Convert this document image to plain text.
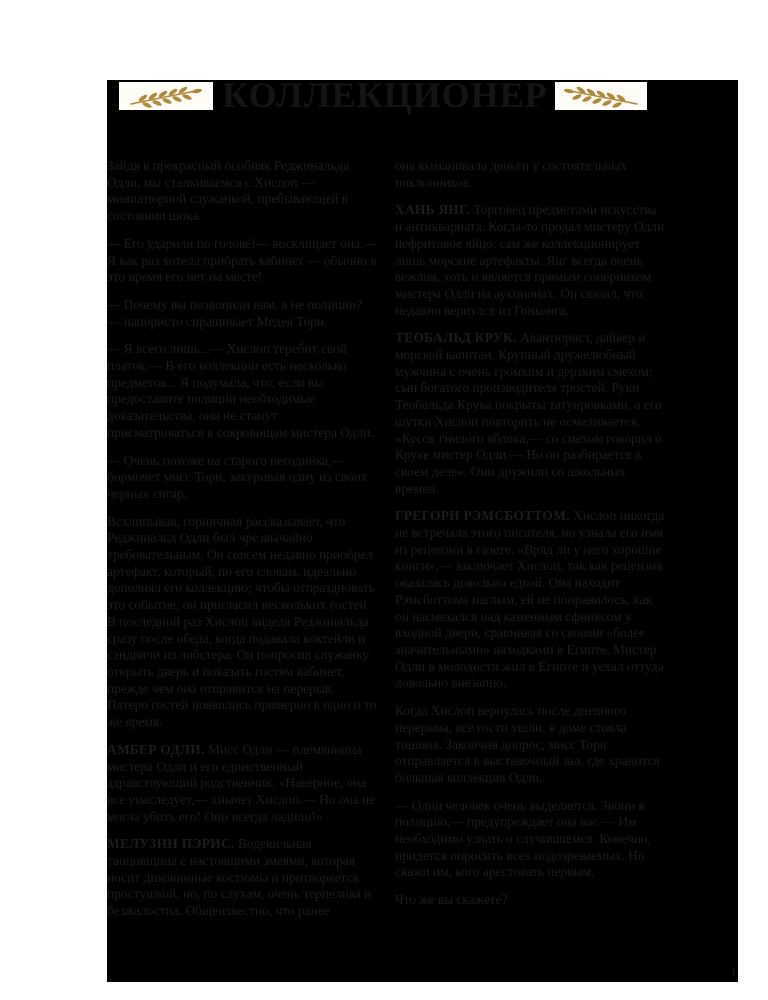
КОЛЛЕКЦИОНЕР

Зайдя в прекрасный особняк Реджинальда Одли, мы сталкиваемся с Хислоп — миниатюрной служанкой, пребывающей в состоянии шока.

— Его ударили по голове!— восклицает она.— Я как раз хотела прибрать кабинет — обычно в это время его нет на месте!

— Почему вы позвонили нам, а не полиции? — напористо спрашивает Медея Торн.

— Я всего лишь...— Хислоп теребит свой платок.— В его коллекции есть несколько предметов... Я подумала, что, если вы предоставите полиции необходимые доказательства, они не станут присматриваться к сокровищам мистера Одли.

— Очень похоже на старого негодника,— бормочет мисс Торн, закуривая одну из своих черных сигар.

Всхлипывая, горничная рассказывает, что Реджинальд Одли был чрезвычайно требовательным. Он совсем недавно приобрел артефакт, который, по его словам, идеально дополнял его коллекцию; чтобы отпраздновать это событие, он пригласил нескольких гостей. В последний раз Хислоп видела Реджинальда сразу после обеда, когда подавала коктейли и сэндвичи из лобстера. Он попросил служанку открыть дверь и показать гостям кабинет, прежде чем она отправится на перерыв. Пятеро гостей появились примерно в одно и то же время.

АМБЕР ОДЛИ. Мисс Одли — племянница мистера Одли и его единственный здравствующий родственник. «Наверное, она все унаследует,— хнычет Хислоп.— Но она не могла убить его! Они всегда ладили!»

МЕЛУЗИН ПЭРИС. Водевильная танцовщица с настоящими змеями, которая носит диковинные костюмы и притворяется простушкой, но, по слухам, очень терпелива и безжалостна. Общеизвестно, что ранее

она выманивала деньги у состоятельных поклонников.

ХАНЬ ЯНГ. Торговец предметами искусства и антиквариата. Когда-то продал мистеру Одли нефритовое яйцо, сам же коллекционирует лишь морские артефакты. Янг всегда очень вежлив, хоть и является прямым соперником мистера Одли на аукционах. Он сказал, что недавно вернулся из Гонконга.

ТЕОБАЛЬД КРУК. Авантюрист, дайвер и морской капитан. Крупный дружелюбный мужчина с очень громким и дерзким смехом; сын богатого производителя тростей. Руки Теобальда Крука покрыты татуировками, а его шутки Хислоп повторить не осмеливается. «Кусок гнилого яблока,— со смехом говорил о Круке мистер Одли.— Но он разбирается в своем деле». Они дружили со школьных времен.

ГРЕГОРИ РЭМСБОТТОМ. Хислоп никогда не встречала этого писателя, но узнала его имя из рецензии в газете. «Вряд ли у него хорошие книги»,— заключает Хислоп, так как рецензия оказалась довольно едкой. Она находит Рэмсботтома наглым, ей не понравилось, как он насмехался над каменным сфинксом у входной двери, сравнивая со своими «более значительными» находками в Египте. Мистер Одли в молодости жил в Египте и уехал оттуда довольно внезапно.

Когда Хислоп вернулась после дневного перерыва, все гости ушли, в доме стояла тишина. Закончив допрос, мисс Торн отправляется в выставочный зал, где хранится большая коллекция Одли.

— Один человек очень выделяется. Звони в полицию,— предупреждает она вас.— Им необходимо узнать о случившемся. Конечно, придется опросить всех подозреваемых. Но скажи им, кого арестовать первым.

Что же вы скажете?

1
